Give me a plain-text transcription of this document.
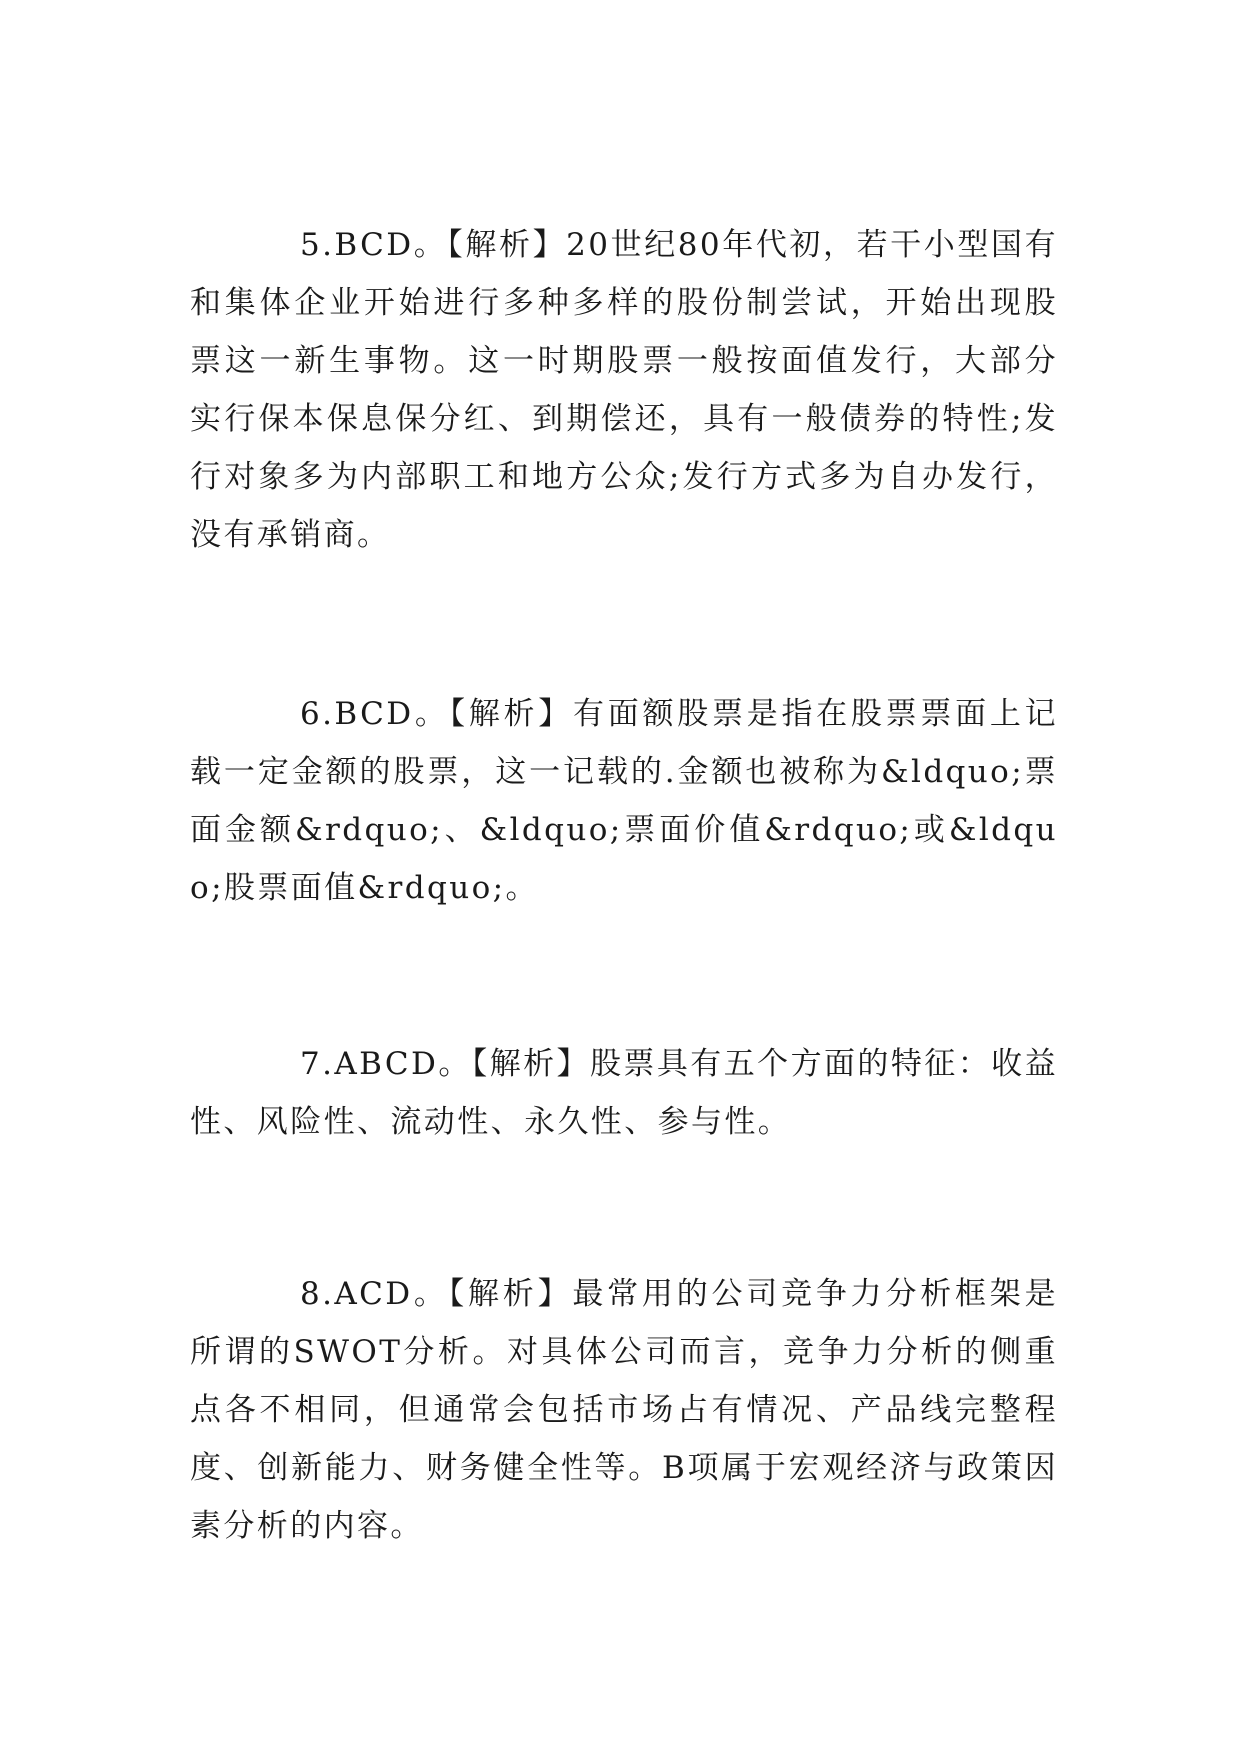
5.BCD。【解析】20世纪80年代初，若干小型国有和集体企业开始进行多种多样的股份制尝试，开始出现股票这一新生事物。这一时期股票一般按面值发行，大部分实行保本保息保分红、到期偿还，具有一般债券的特性;发行对象多为内部职工和地方公众;发行方式多为自办发行，没有承销商。

6.BCD。【解析】有面额股票是指在股票票面上记载一定金额的股票，这一记载的.金额也被称为&ldquo;票面金额&rdquo;、&ldquo;票面价值&rdquo;或&ldquo;股票面值&rdquo;。

7.ABCD。【解析】股票具有五个方面的特征：收益性、风险性、流动性、永久性、参与性。

8.ACD。【解析】最常用的公司竞争力分析框架是所谓的SWOT分析。对具体公司而言，竞争力分析的侧重点各不相同，但通常会包括市场占有情况、产品线完整程度、创新能力、财务健全性等。B项属于宏观经济与政策因素分析的内容。
